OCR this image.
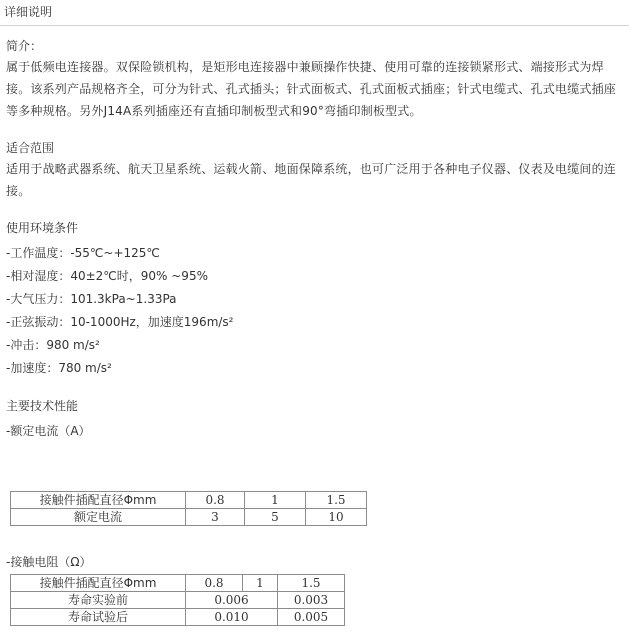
详细说明
简介：
属于低频电连接器。双保险锁机构，是矩形电连接器中兼顾操作快捷、使用可靠的连接锁紧形式、端接形式为焊接。该系列产品规格齐全，可分为针式、孔式插头；针式面板式、孔式面板式插座；针式电缆式、孔式电缆式插座等多种规格。另外J14A系列插座还有直插印制板型式和90°弯插印制板型式。
适合范围
适用于战略武器系统、航天卫星系统、运载火箭、地面保障系统，也可广泛用于各种电子仪器、仪表及电缆间的连接。
使用环境条件
-工作温度：-55℃~+125℃
-相对湿度：40±2℃时，90% ~95%
-大气压力：101.3kPa~1.33Pa
-正弦振动：10-1000Hz，加速度196m/s²
-冲击：980 m/s²
-加速度：780 m/s²
主要技术性能
-额定电流（A）
接触件插配直径Φmm	0.8	1	1.5
额定电流	3	5	10
-接触电阻（Ω）
接触件插配直径Φmm	0.8	1	1.5
寿命实验前	0.006		0.003
寿命试验后	0.010		0.005
